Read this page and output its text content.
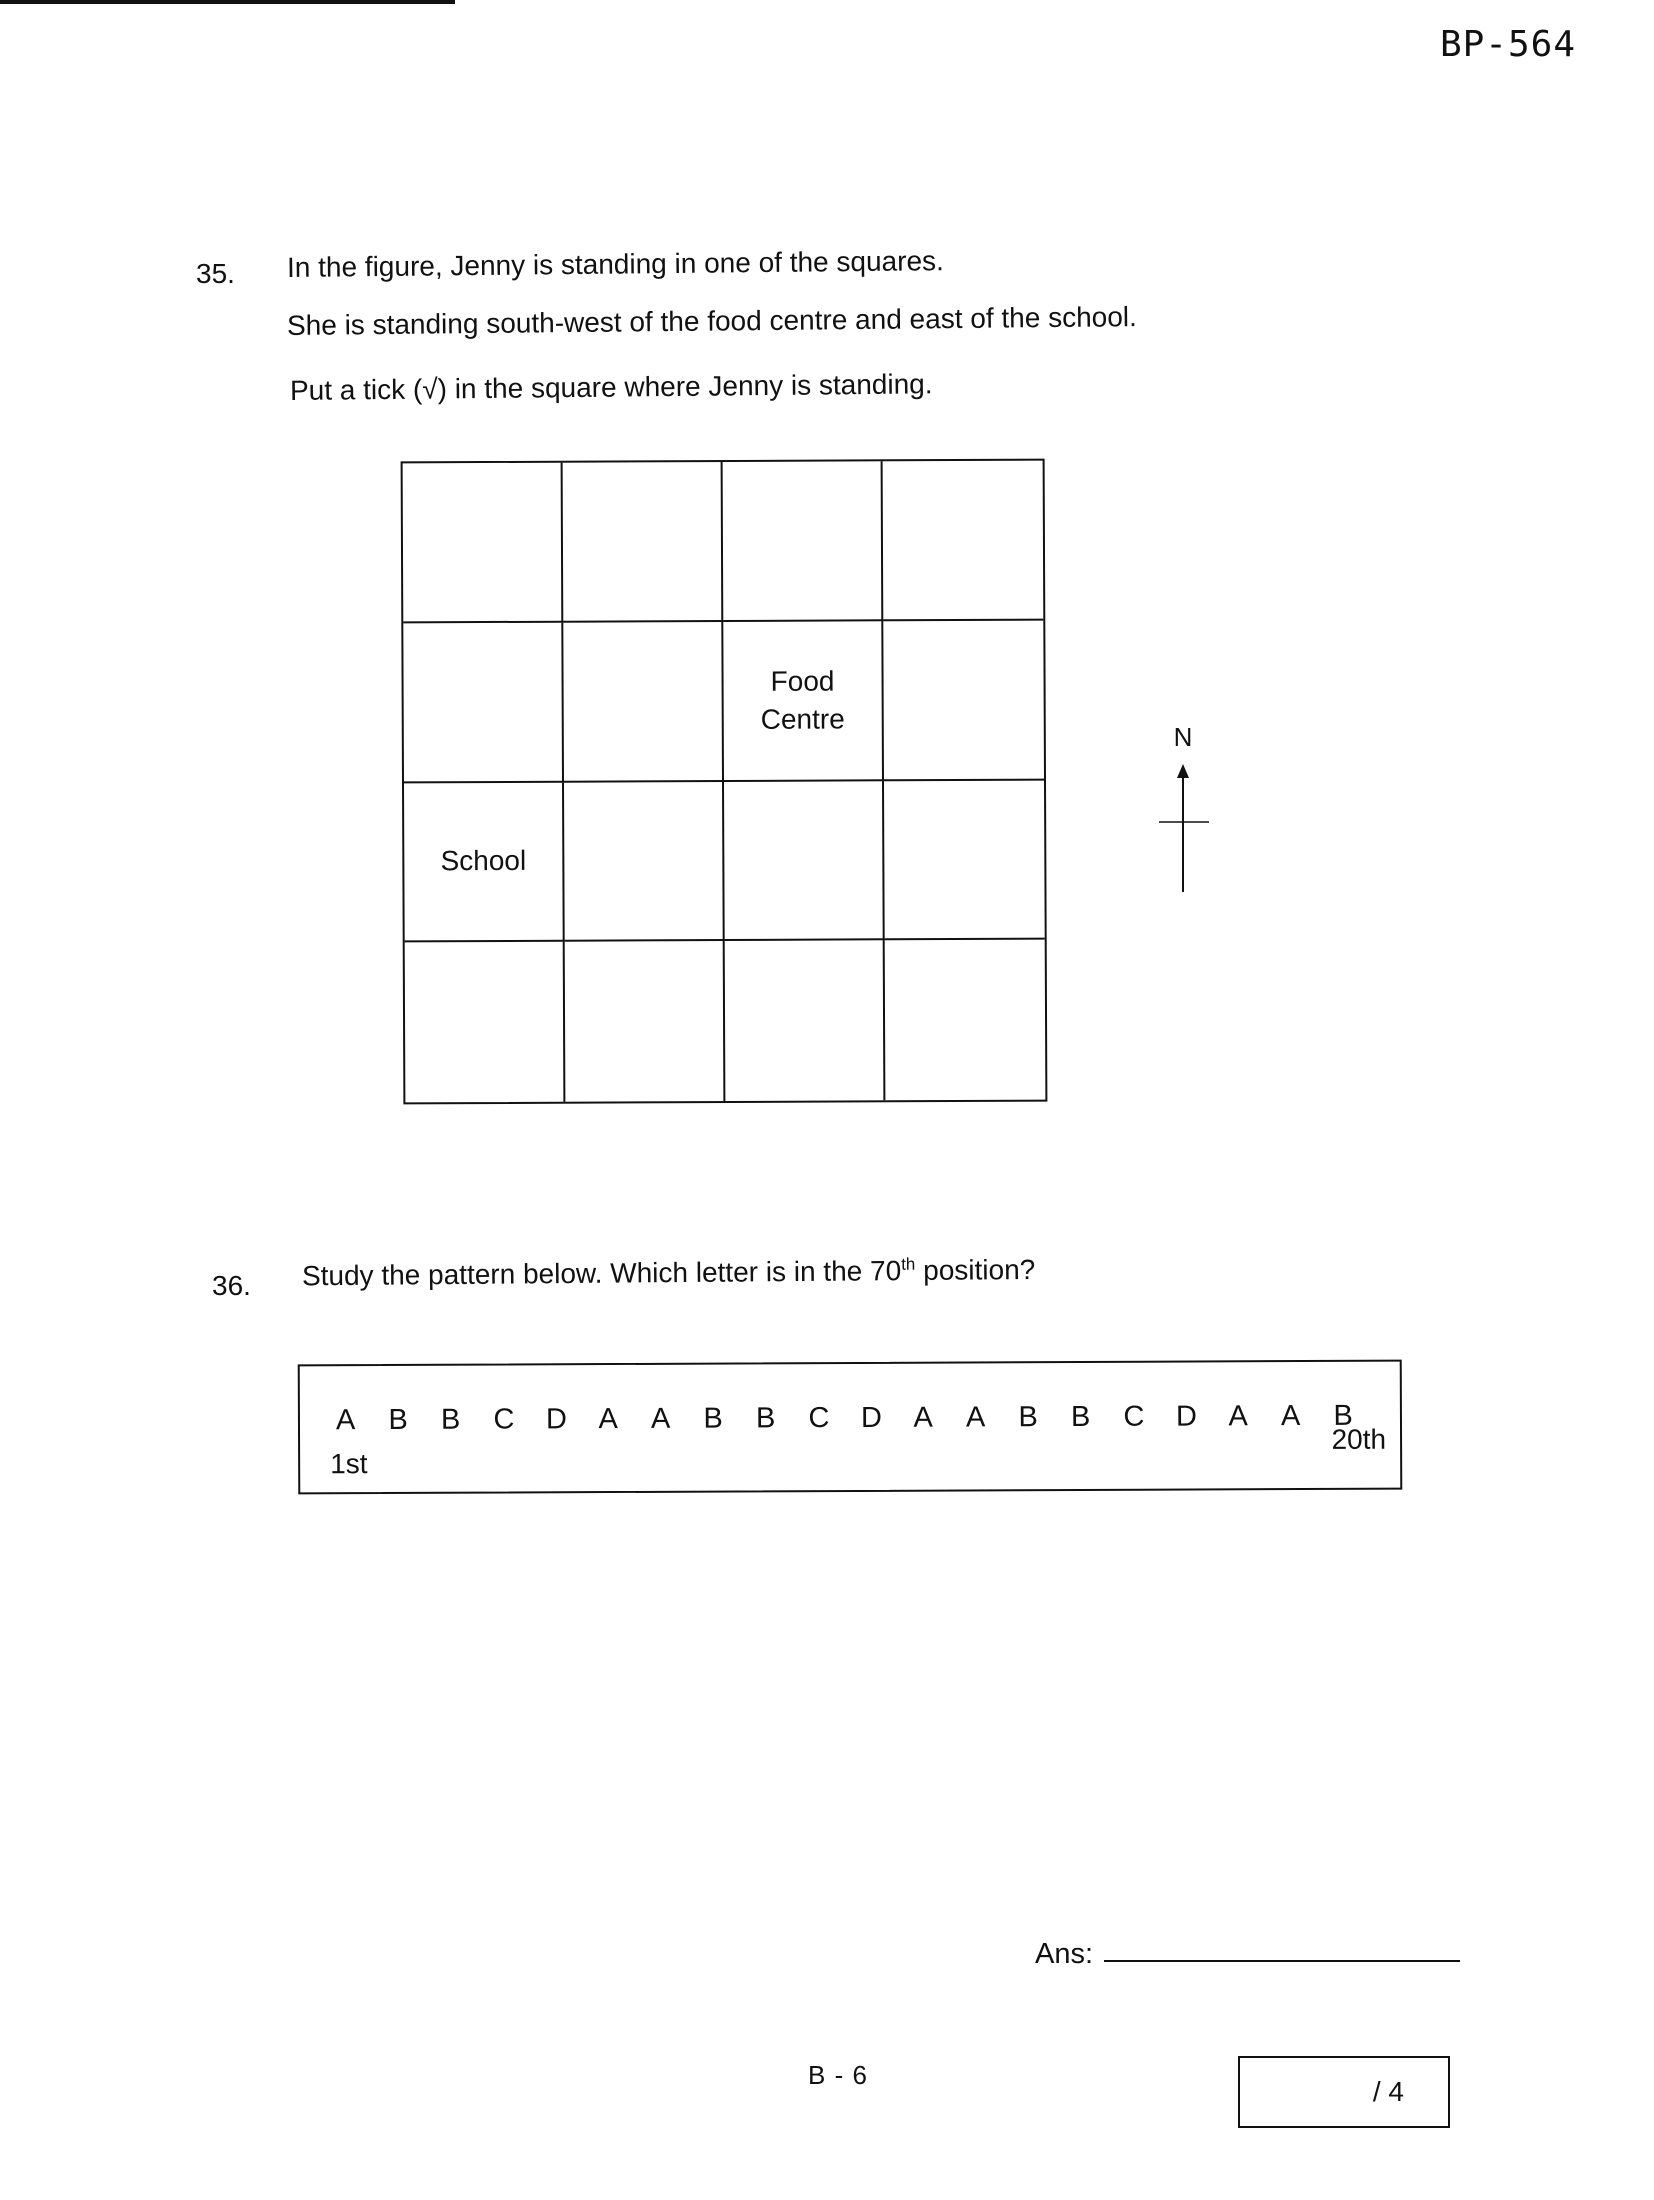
BP-564
35. In the figure, Jenny is standing in one of the squares.
She is standing south-west of the food centre and east of the school.
Put a tick (√) in the square where Jenny is standing.
Food
Centre
School
N
36. Study the pattern below. Which letter is in the 70th position?
A	B	B	C	D	A	A	B	B	C	D	A	A	B	B	C	D	A	A	B
1st
20th
Ans:
B - 6
/ 4
